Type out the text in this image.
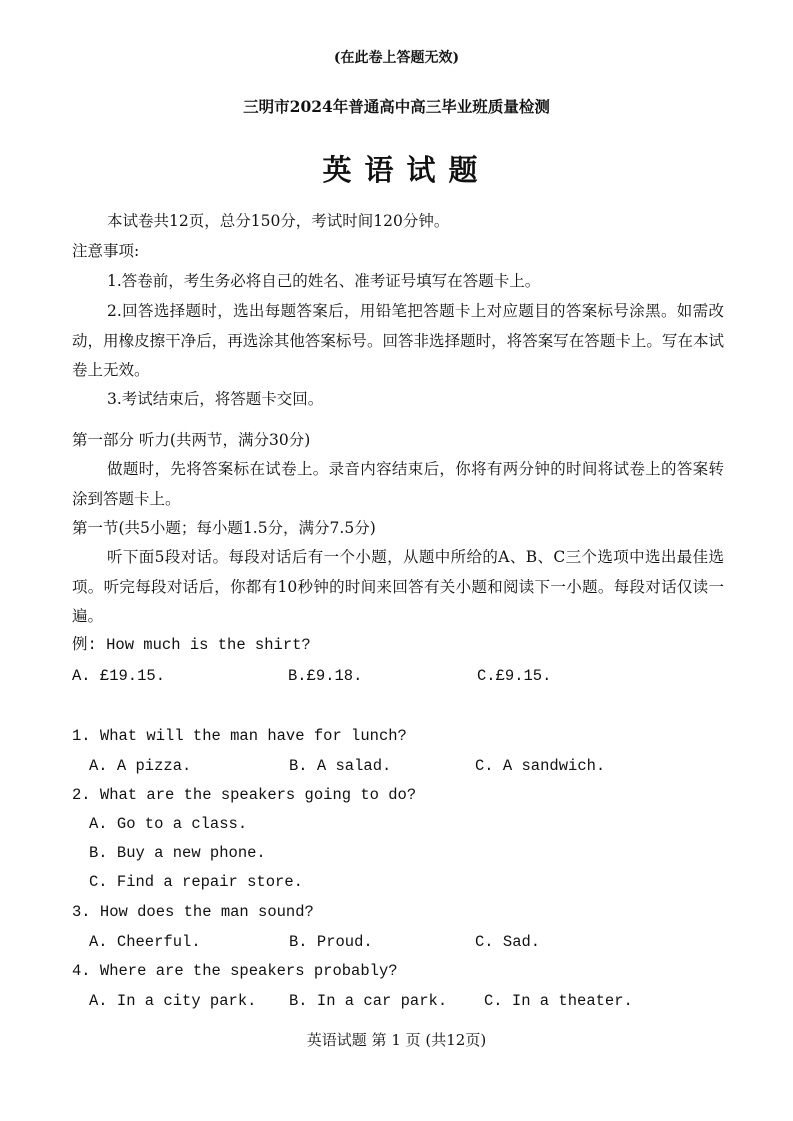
(在此卷上答题无效)
三明市2024年普通高中高三毕业班质量检测
英语试题
本试卷共12页，总分150分，考试时间120分钟。
注意事项:
1.答卷前，考生务必将自己的姓名、准考证号填写在答题卡上。
2.回答选择题时，选出每题答案后，用铅笔把答题卡上对应题目的答案标号涂黑。如需改动，用橡皮擦干净后，再选涂其他答案标号。回答非选择题时，将答案写在答题卡上。写在本试卷上无效。
3.考试结束后，将答题卡交回。
第一部分 听力(共两节，满分30分)
做题时，先将答案标在试卷上。录音内容结束后，你将有两分钟的时间将试卷上的答案转涂到答题卡上。
第一节(共5小题；每小题1.5分，满分7.5分)
听下面5段对话。每段对话后有一个小题，从题中所给的A、B、C三个选项中选出最佳选项。听完每段对话后，你都有10秒钟的时间来回答有关小题和阅读下一小题。每段对话仅读一遍。
例: How much is the shirt?
A. £19.15.	B.£9.18.	C.£9.15.
1. What will the man have for lunch?
A. A pizza.	B. A salad.	C. A sandwich.
2. What are the speakers going to do?
A. Go to a class.
B. Buy a new phone.
C. Find a repair store.
3. How does the man sound?
A. Cheerful.	B. Proud.	C. Sad.
4. Where are the speakers probably?
A. In a city park. B. In a car park. C. In a theater.
英语试题 第 1 页 (共12页)
